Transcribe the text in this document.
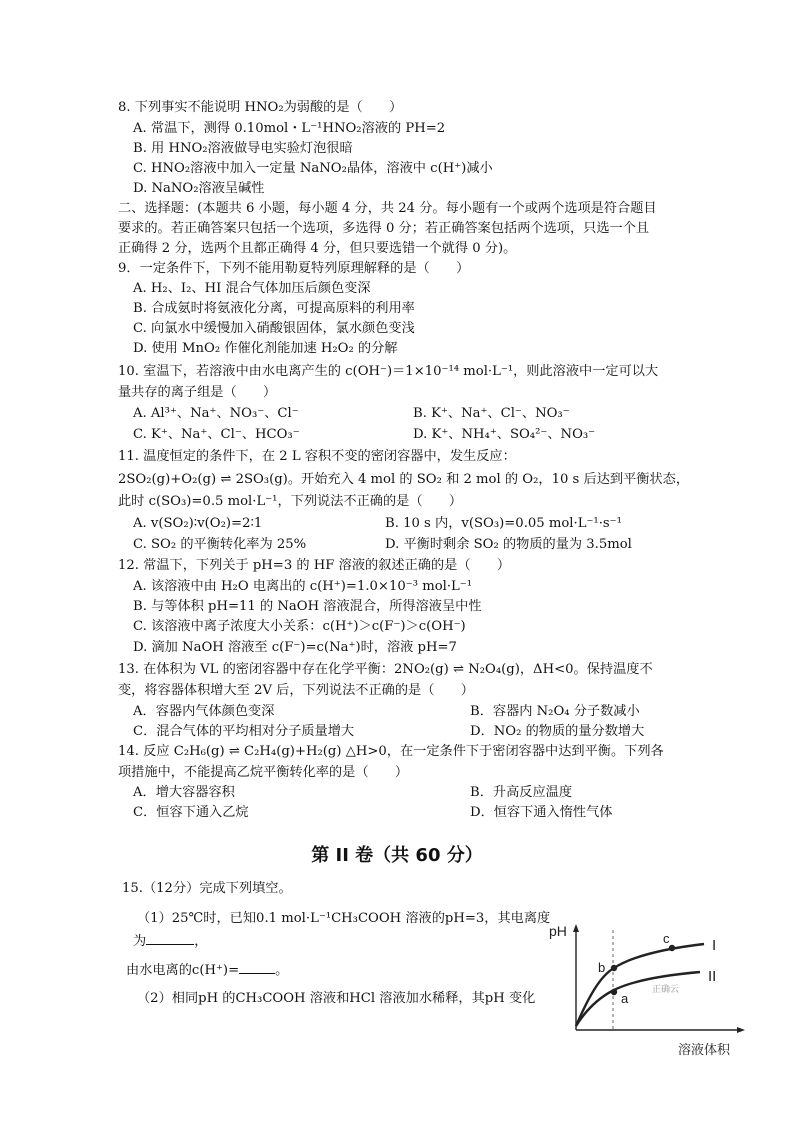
8. 下列事实不能说明 HNO₂为弱酸的是（　　）
A. 常温下，测得 0.10mol・L⁻¹HNO₂溶液的 PH=2
B. 用 HNO₂溶液做导电实验灯泡很暗
C. HNO₂溶液中加入一定量 NaNO₂晶体，溶液中 c(H⁺)减小
D. NaNO₂溶液呈碱性
二、选择题：(本题共 6 小题，每小题 4 分，共 24 分。每小题有一个或两个选项是符合题目
要求的。若正确答案只包括一个选项，多选得 0 分；若正确答案包括两个选项，只选一个且
正确得 2 分，选两个且都正确得 4 分，但只要选错一个就得 0 分)。
9．一定条件下，下列不能用勒夏特列原理解释的是（　　）
A. H₂、I₂、HI 混合气体加压后颜色变深
B. 合成氨时将氨液化分离，可提高原料的利用率
C. 向氯水中缓慢加入硝酸银固体，氯水颜色变浅
D. 使用 MnO₂ 作催化剂能加速 H₂O₂ 的分解
10. 室温下，若溶液中由水电离产生的 c(OH⁻)＝1×10⁻¹⁴ mol·L⁻¹，则此溶液中一定可以大
量共存的离子组是（　　）
A. Al³⁺、Na⁺、NO₃⁻、Cl⁻	B. K⁺、Na⁺、Cl⁻、NO₃⁻
C. K⁺、Na⁺、Cl⁻、HCO₃⁻	D. K⁺、NH₄⁺、SO₄²⁻、NO₃⁻
11. 温度恒定的条件下，在 2 L 容积不变的密闭容器中，发生反应：
2SO₂(g)+O₂(g) ⇌ 2SO₃(g)。开始充入 4 mol 的 SO₂ 和 2 mol 的 O₂，10 s 后达到平衡状态，
此时 c(SO₃)=0.5 mol·L⁻¹，下列说法不正确的是（　　）
A. v(SO₂)∶v(O₂)=2∶1	B. 10 s 内，v(SO₃)=0.05 mol·L⁻¹·s⁻¹
C. SO₂ 的平衡转化率为 25%	D. 平衡时剩余 SO₂ 的物质的量为 3.5mol
12. 常温下，下列关于 pH=3 的 HF 溶液的叙述正确的是（　　）
A. 该溶液中由 H₂O 电离出的 c(H⁺)=1.0×10⁻³ mol·L⁻¹
B. 与等体积 pH=11 的 NaOH 溶液混合，所得溶液呈中性
C. 该溶液中离子浓度大小关系：c(H⁺)＞c(F⁻)＞c(OH⁻)
D. 滴加 NaOH 溶液至 c(F⁻)=c(Na⁺)时，溶液 pH=7
13. 在体积为 VL 的密闭容器中存在化学平衡：2NO₂(g) ⇌ N₂O₄(g)，ΔH<0。保持温度不
变，将容器体积增大至 2V 后，下列说法不正确的是（　　）
A．容器内气体颜色变深	B．容器内 N₂O₄ 分子数减小
C．混合气体的平均相对分子质量增大	D．NO₂ 的物质的量分数增大
14. 反应 C₂H₆(g) ⇌ C₂H₄(g)+H₂(g) △H>0，在一定条件下于密闭容器中达到平衡。下列各
项措施中，不能提高乙烷平衡转化率的是（　　）
A．增大容器容积	B．升高反应温度
C．恒容下通入乙烷	D．恒容下通入惰性气体
第 II 卷（共 60 分）
15.（12分）完成下列填空。
（1）25℃时，已知0.1 mol·L⁻¹CH₃COOH 溶液的pH=3，其电离度
为	，
由水电离的c(H⁺)=	。
（2）相同pH 的CH₃COOH 溶液和HCl 溶液加水稀释，其pH 变化
pH
b
a
c	I
II
正确云
溶液体积
